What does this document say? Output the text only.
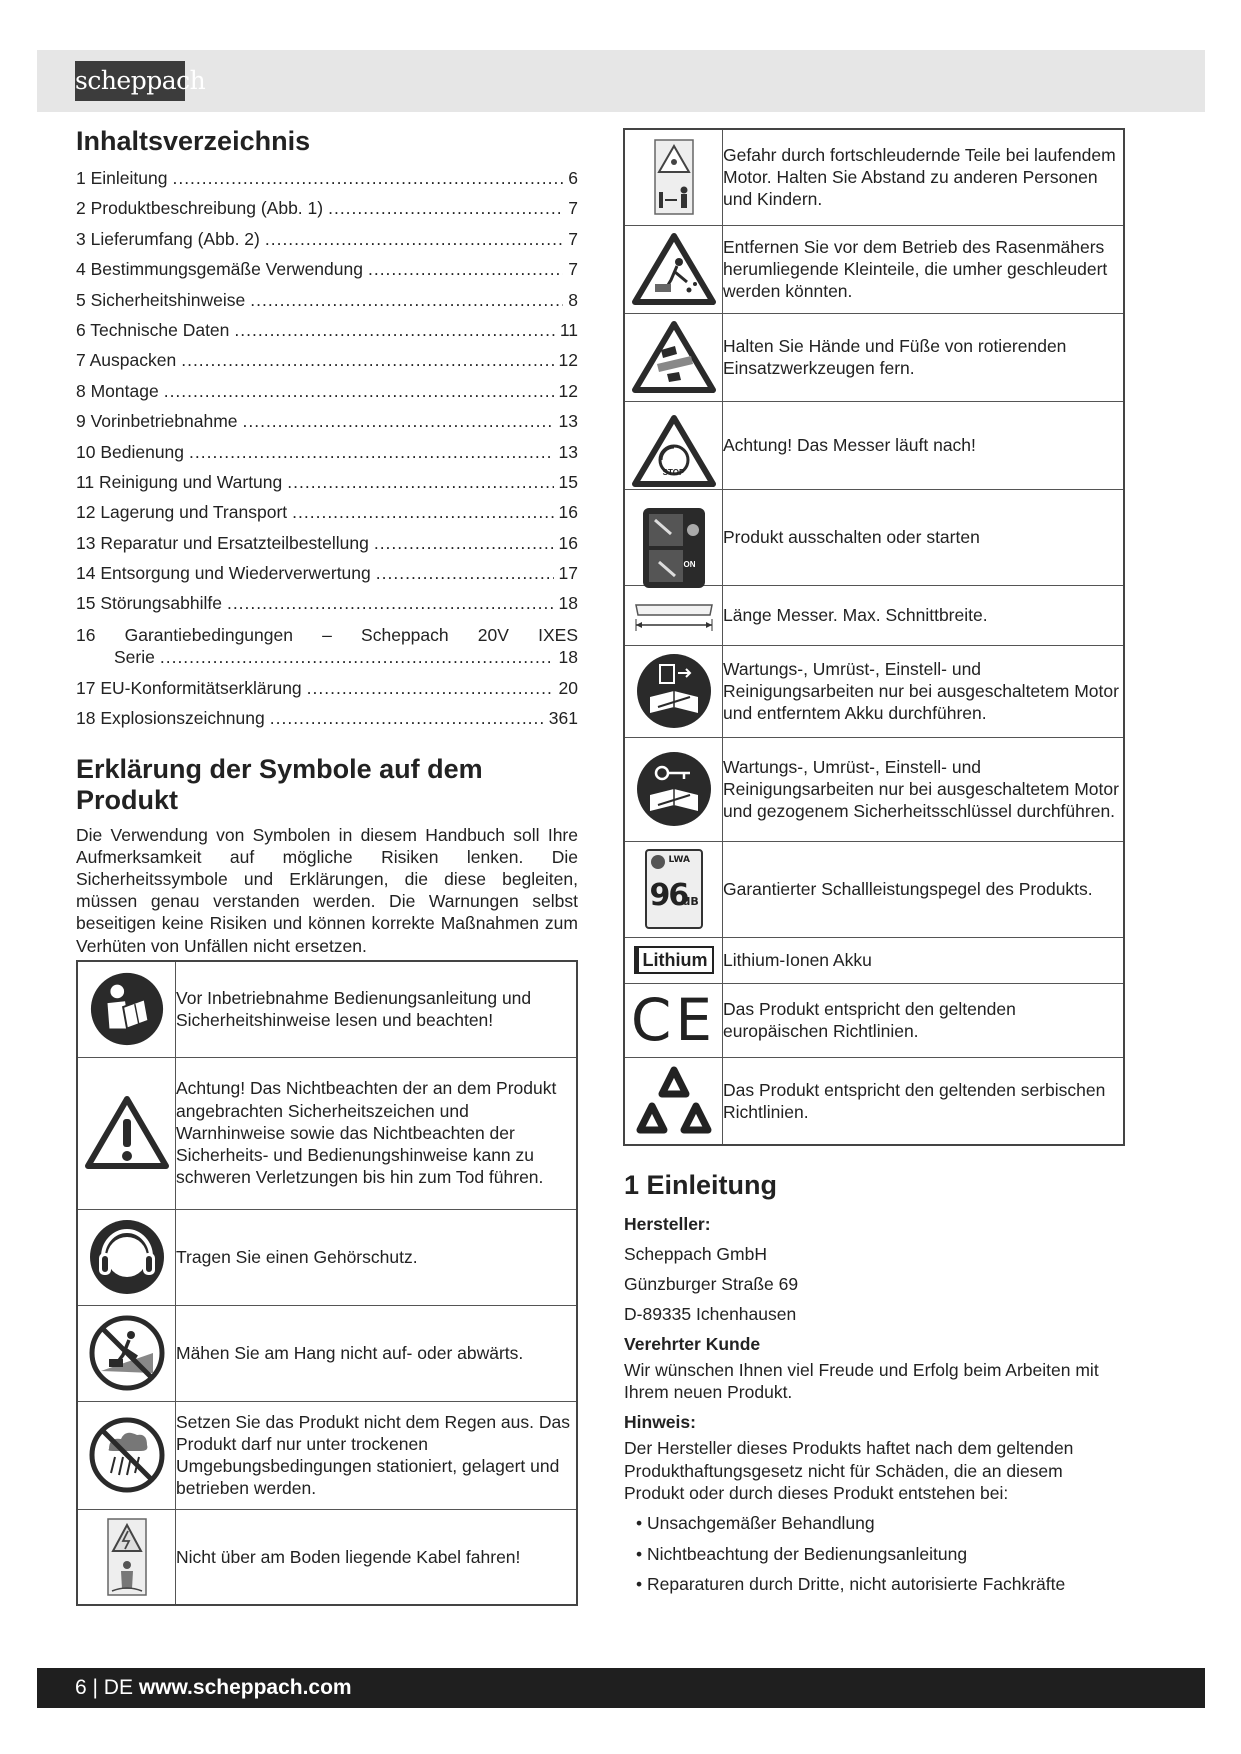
scheppach
Inhaltsverzeichnis
1 Einleitung .....	6
2 Produktbeschreibung (Abb. 1) .....	7
3 Lieferumfang (Abb. 2) .....	7
4 Bestimmungsgemäße Verwendung .....	7
5 Sicherheitshinweise .....	8
6 Technische Daten .....	11
7 Auspacken .....	12
8 Montage .....	12
9 Vorinbetriebnahme .....	13
10 Bedienung .....	13
11 Reinigung und Wartung .....	15
12 Lagerung und Transport .....	16
13 Reparatur und Ersatzteilbestellung .....	16
14 Entsorgung und Wiederverwertung .....	17
15 Störungsabhilfe .....	18
16 Garantiebedingungen – Scheppach 20V IXES
Serie .....	18
17 EU-Konformitätserklärung .....	20
18 Explosionszeichnung .....	361
Erklärung der Symbole auf dem Produkt

Die Verwendung von Symbolen in diesem Handbuch soll Ihre Aufmerksamkeit auf mögliche Risiken lenken. Die Sicherheitssymbole und Erklärungen, die diese begleiten, müssen genau verstanden werden. Die Warnungen selbst beseitigen keine Risiken und können korrekte Maßnahmen zum Verhüten von Unfällen nicht ersetzen.

	Vor Inbetriebnahme Bedienungsanleitung und Sicherheitshinweise lesen und beachten!

	Achtung! Das Nichtbeachten der an dem Produkt angebrachten Sicherheitszeichen und Warnhinweise sowie das Nichtbeachten der Sicherheits- und Bedienungshinweise kann zu schweren Verletzungen bis hin zum Tod führen.

	Tragen Sie einen Gehörschutz.

	Mähen Sie am Hang nicht auf- oder abwärts.

	Setzen Sie das Produkt nicht dem Regen aus. Das Produkt darf nur unter trockenen Umgebungsbedingungen stationiert, gelagert und betrieben werden.

	Nicht über am Boden liegende Kabel fahren!
	Gefahr durch fortschleudernde Teile bei laufendem Motor. Halten Sie Abstand zu anderen Personen und Kindern.

	Entfernen Sie vor dem Betrieb des Rasenmähers herumliegende Kleinteile, die umher geschleudert werden könnten.

	Halten Sie Hände und Füße von rotierenden Einsatzwerkzeugen fern.

STOP	Achtung! Das Messer läuft nach!

ON	Produkt ausschalten oder starten

	Länge Messer. Max. Schnittbreite.

	Wartungs-, Umrüst-, Einstell- und Reinigungsarbeiten nur bei ausgeschaltetem Motor und entferntem Akku durchführen.

	Wartungs-, Umrüst-, Einstell- und Reinigungsarbeiten nur bei ausgeschaltetem Motor und gezogenem Sicherheitsschlüssel durchführen.

LWA
96
dB	Garantierter Schallleistungspegel des Produkts.
Lithium	Lithium-Ionen Akku

CE	Das Produkt entspricht den geltenden europäischen Richtlinien.

	Das Produkt entspricht den geltenden serbischen Richtlinien.
1 Einleitung
Hersteller:
Scheppach GmbH
Günzburger Straße 69
D-89335 Ichenhausen
Verehrter Kunde

Wir wünschen Ihnen viel Freude und Erfolg beim Arbeiten mit Ihrem neuen Produkt.

Hinweis:

Der Hersteller dieses Produkts haftet nach dem geltenden Produkthaftungsgesetz nicht für Schäden, die an diesem Produkt oder durch dieses Produkt entstehen bei:

• Unsachgemäßer Behandlung
• Nichtbeachtung der Bedienungsanleitung
• Reparaturen durch Dritte, nicht autorisierte Fachkräfte
6 | DE www.scheppach.com
